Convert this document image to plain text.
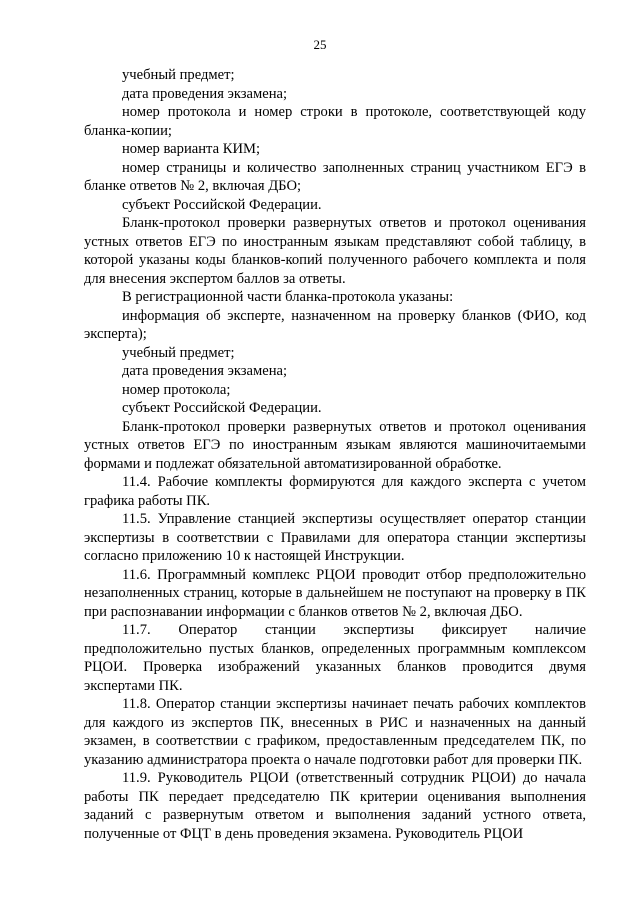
25

учебный предмет;

дата проведения экзамена;

номер протокола и номер строки в протоколе, соответствующей коду бланка-копии;

номер варианта КИМ;

номер страницы и количество заполненных страниц участником ЕГЭ в бланке ответов № 2, включая ДБО;

субъект Российской Федерации.

Бланк-протокол проверки развернутых ответов и протокол оценивания устных ответов ЕГЭ по иностранным языкам представляют собой таблицу, в которой указаны коды бланков-копий полученного рабочего комплекта и поля для внесения экспертом баллов за ответы.

В регистрационной части бланка-протокола указаны:

информация об эксперте, назначенном на проверку бланков (ФИО, код эксперта);

учебный предмет;

дата проведения экзамена;

номер протокола;

субъект Российской Федерации.

Бланк-протокол проверки развернутых ответов и протокол оценивания устных ответов ЕГЭ по иностранным языкам являются машиночитаемыми формами и подлежат обязательной автоматизированной обработке.

11.4. Рабочие комплекты формируются для каждого эксперта с учетом графика работы ПК.

11.5. Управление станцией экспертизы осуществляет оператор станции экспертизы в соответствии с Правилами для оператора станции экспертизы согласно приложению 10 к настоящей Инструкции.

11.6. Программный комплекс РЦОИ проводит отбор предположительно незаполненных страниц, которые в дальнейшем не поступают на проверку в ПК при распознавании информации с бланков ответов № 2, включая ДБО.

11.7. Оператор станции экспертизы фиксирует наличие предположительно пустых бланков, определенных программным комплексом РЦОИ. Проверка изображений указанных бланков проводится двумя экспертами ПК.

11.8. Оператор станции экспертизы начинает печать рабочих комплектов для каждого из экспертов ПК, внесенных в РИС и назначенных на данный экзамен, в соответствии с графиком, предоставленным председателем ПК, по указанию администратора проекта о начале подготовки работ для проверки ПК.

11.9. Руководитель РЦОИ (ответственный сотрудник РЦОИ) до начала работы ПК передает председателю ПК критерии оценивания выполнения заданий с развернутым ответом и выполнения заданий устного ответа, полученные от ФЦТ в день проведения экзамена. Руководитель РЦОИ
